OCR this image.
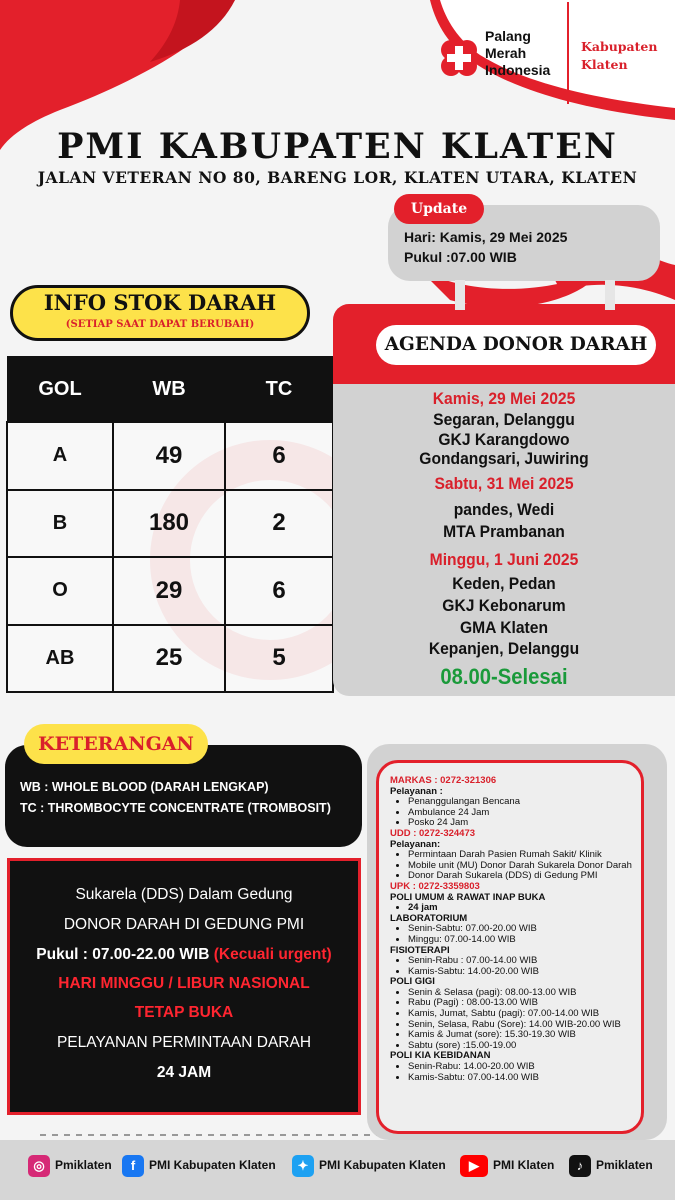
Palang
Merah
Indonesia
Kabupaten
Klaten
PMI KABUPATEN KLATEN
JALAN VETERAN NO 80, BARENG LOR, KLATEN UTARA, KLATEN
Update
Hari: Kamis, 29 Mei 2025
Pukul :07.00 WIB
INFO STOK DARAH
(SETIAP SAAT DAPAT BERUBAH)
GOL	WB	TC
A	49	6
B	180	2
O	29	6
AB	25	5
AGENDA DONOR DARAH
Kamis, 29 Mei 2025
Segaran, Delanggu
GKJ Karangdowo
Gondangsari, Juwiring
Sabtu, 31 Mei 2025
pandes, Wedi
MTA Prambanan
Minggu, 1 Juni 2025
Keden, Pedan
GKJ Kebonarum
GMA Klaten
Kepanjen, Delanggu
08.00-Selesai
KETERANGAN
WB : WHOLE BLOOD (DARAH LENGKAP)
TC : THROMBOCYTE CONCENTRATE (TROMBOSIT)
Sukarela (DDS) Dalam Gedung
DONOR DARAH DI GEDUNG PMI
Pukul : 07.00-22.00 WIB (Kecuali urgent)
HARI MINGGU / LIBUR NASIONAL
TETAP BUKA
PELAYANAN PERMINTAAN DARAH
24 JAM
MARKAS : 0272-321306
Pelayanan :
• Penanggulangan Bencana
• Ambulance 24 Jam
• Posko 24 Jam
UDD : 0272-324473
Pelayanan:
• Permintaan Darah Pasien Rumah Sakit/ Klinik
• Mobile unit (MU) Donor Darah Sukarela Donor Darah
• Donor Darah Sukarela (DDS) di Gedung PMI
UPK : 0272-3359803
POLI UMUM & RAWAT INAP BUKA
• 24 jam
LABORATORIUM
• Senin-Sabtu: 07.00-20.00 WIB
• Minggu: 07.00-14.00 WIB
FISIOTERAPI
• Senin-Rabu : 07.00-14.00 WIB
• Kamis-Sabtu: 14.00-20.00 WIB
POLI GIGI
• Senin & Selasa (pagi): 08.00-13.00 WIB
• Rabu (Pagi) : 08.00-13.00 WIB
• Kamis, Jumat, Sabtu (pagi): 07.00-14.00 WIB
• Senin, Selasa, Rabu (Sore): 14.00 WIB-20.00 WIB
• Kamis & Jumat (sore): 15.30-19.30 WIB
• Sabtu (sore) :15.00-19.00
POLI KIA KEBIDANAN
• Senin-Rabu: 14.00-20.00 WIB
• Kamis-Sabtu: 07.00-14.00 WIB
◎ Pmiklaten	f PMI Kabupaten Klaten	✦ PMI Kabupaten Klaten	▶ PMI Klaten	♪ Pmiklaten
